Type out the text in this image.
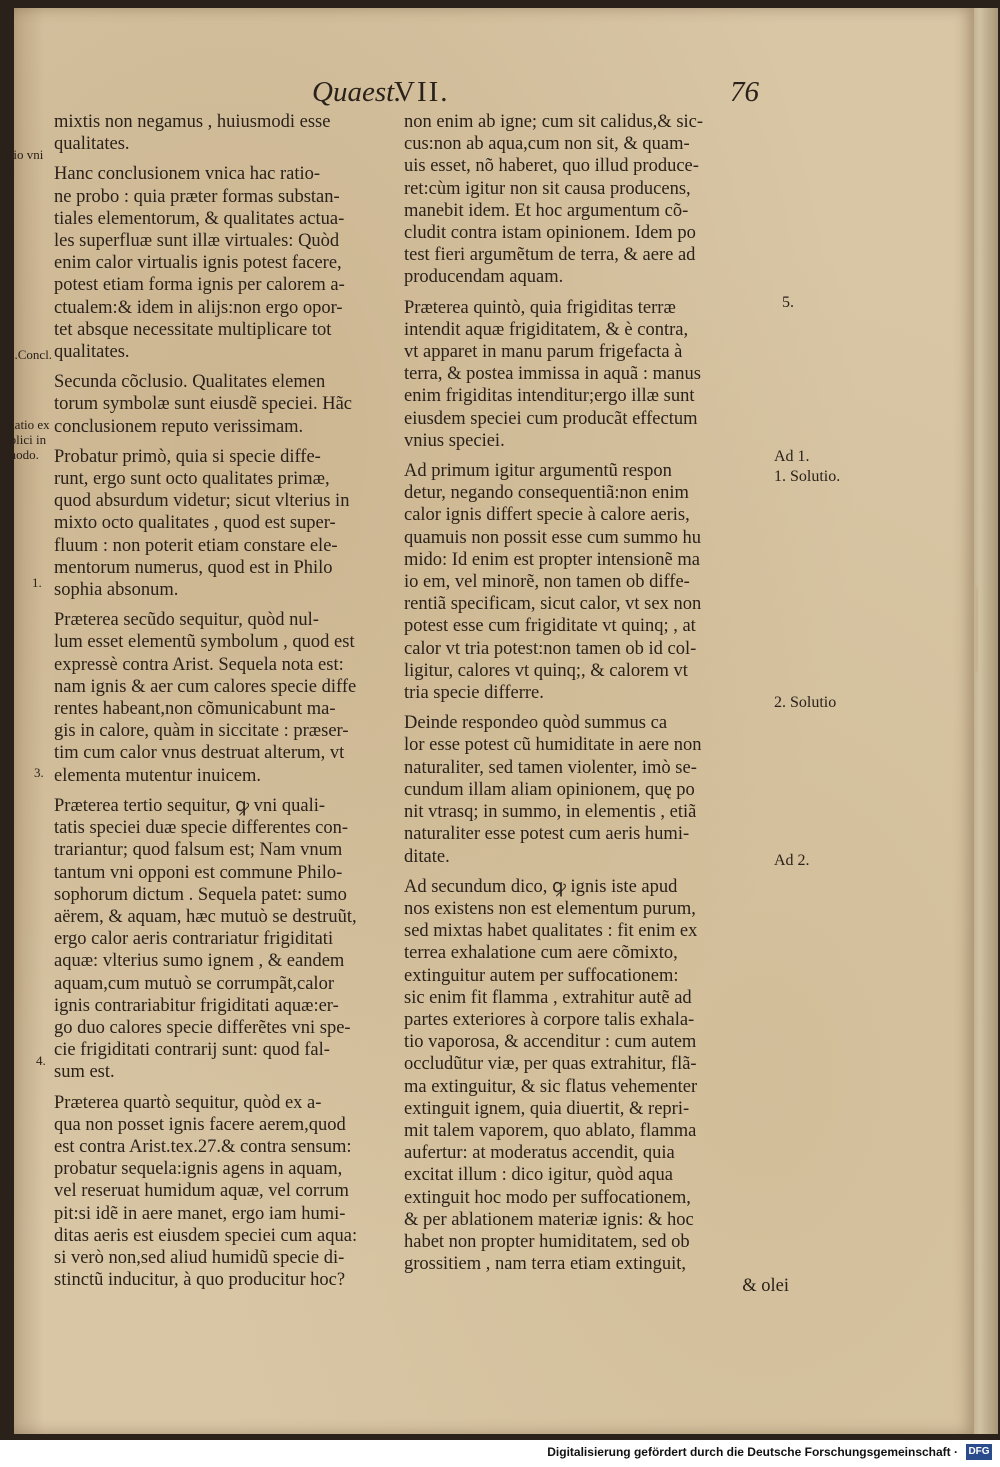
Quaest.
VII.	76
mixtis non negamus , huiusmodi esse
qualitates.
Hanc conclusionem vnica hac ratio-
ne probo : quia præter formas substan-
tiales elementorum, & qualitates actua-
les superfluæ sunt illæ virtuales: Quòd
enim calor virtualis ignis potest facere,
potest etiam forma ignis per calorem a-
ctualem:& idem in alijs:non ergo opor-
tet absque necessitate multiplicare tot
qualitates.
Secunda cõclusio. Qualitates elemen
torum symbolæ sunt eiusdẽ speciei. Hãc
conclusionem reputo verissimam.
Probatur primò, quia si specie diffe-
runt, ergo sunt octo qualitates primæ,
quod absurdum videtur; sicut vlterius in
mixto octo qualitates , quod est super-
fluum : non poterit etiam constare ele-
mentorum numerus, quod est in Philo
sophia absonum.
Præterea secũdo sequitur, quòd nul-
lum esset elementũ symbolum , quod est
expressè contra Arist. Sequela nota est:
nam ignis & aer cum calores specie diffe
rentes habeant,non cõmunicabunt ma-
gis in calore, quàm in siccitate : præser-
tim cum calor vnus destruat alterum, vt
elementa mutentur inuicem.
Præterea tertio sequitur, ꝙ vni quali-
tatis speciei duæ specie differentes con-
trariantur; quod falsum est; Nam vnum
tantum vni opponi est commune Philo-
sophorum dictum . Sequela patet: sumo
aërem, & aquam, hæc mutuò se destruũt,
ergo calor aeris contrariatur frigiditati
aquæ: vlterius sumo ignem , & eandem
aquam,cum mutuò se corrumpãt,calor
ignis contrariabitur frigiditati aquæ:er-
go duo calores specie differẽtes vni spe-
cie frigiditati contrarij sunt: quod fal-
sum est.
Præterea quartò sequitur, quòd ex a-
qua non posset ignis facere aerem,quod
est contra Arist.tex.27.& contra sensum:
probatur sequela:ignis agens in aquam,
vel reseruat humidum aquæ, vel corrum
pit:si idẽ in aere manet, ergo iam humi-
ditas aeris est eiusdem speciei cum aqua:
si verò non,sed aliud humidũ specie di-
stinctũ inducitur, à quo producitur hoc?
non enim ab igne; cum sit calidus,& sic-
cus:non ab aqua,cum non sit, & quam-
uis esset, nõ haberet, quo illud produce-
ret:cùm igitur non sit causa producens,
manebit idem. Et hoc argumentum cõ-
cludit contra istam opinionem. Idem po
test fieri argumẽtum de terra, & aere ad
producendam aquam.
Præterea quintò, quia frigiditas terræ
intendit aquæ frigiditatem, & è contra,
vt apparet in manu parum frigefacta à
terra, & postea immissa in aquã : manus
enim frigiditas intenditur;ergo illæ sunt
eiusdem speciei cum producãt effectum
vnius speciei.
Ad primum igitur argumentũ respon
detur, negando consequentiã:non enim
calor ignis differt specie à calore aeris,
quamuis non possit esse cum summo hu
mido: Id enim est propter intensionẽ ma
io em, vel minorẽ, non tamen ob diffe-
rentiã specificam, sicut calor, vt sex non
potest esse cum frigiditate vt quinq; , at
calor vt tria potest:non tamen ob id col-
ligitur, calores vt quinq;, & calorem vt
tria specie differre.
Deinde respondeo quòd summus ca
lor esse potest cũ humiditate in aere non
naturaliter, sed tamen violenter, imò se-
cundum illam aliam opinionem, quę po
nit vtrasq; in summo, in elementis , etiã
naturaliter esse potest cum aeris humi-
ditate.
Ad secundum dico, ꝙ ignis iste apud
nos existens non est elementum purum,
sed mixtas habet qualitates : fit enim ex
terrea exhalatione cum aere cõmixto,
extinguitur autem per suffocationem:
sic enim fit flamma , extrahitur autẽ ad
partes exteriores à corpore talis exhala-
tio vaporosa, & accenditur : cum autem
occludũtur viæ, per quas extrahitur, flã-
ma extinguitur, & sic flatus vehementer
extinguit ignem, quia diuertit, & repri-
mit talem vaporem, quo ablato, flamma
aufertur: at moderatus accendit, quia
excitat illum : dico igitur, quòd aqua
extinguit hoc modo per suffocationem,
& per ablationem materiæ ignis: & hoc
habet non propter humiditatem, sed ob
grossitiem , nam terra etiam extinguit,
& olei
atio vni
a.
2.Concl.
Ratio ex
iplici in
modo.
1.
3.
4.
5.
Ad 1.
1. Solutio.
2. Solutio
Ad 2.
Digitalisierung gefördert durch die Deutsche Forschungsgemeinschaft · DFG
